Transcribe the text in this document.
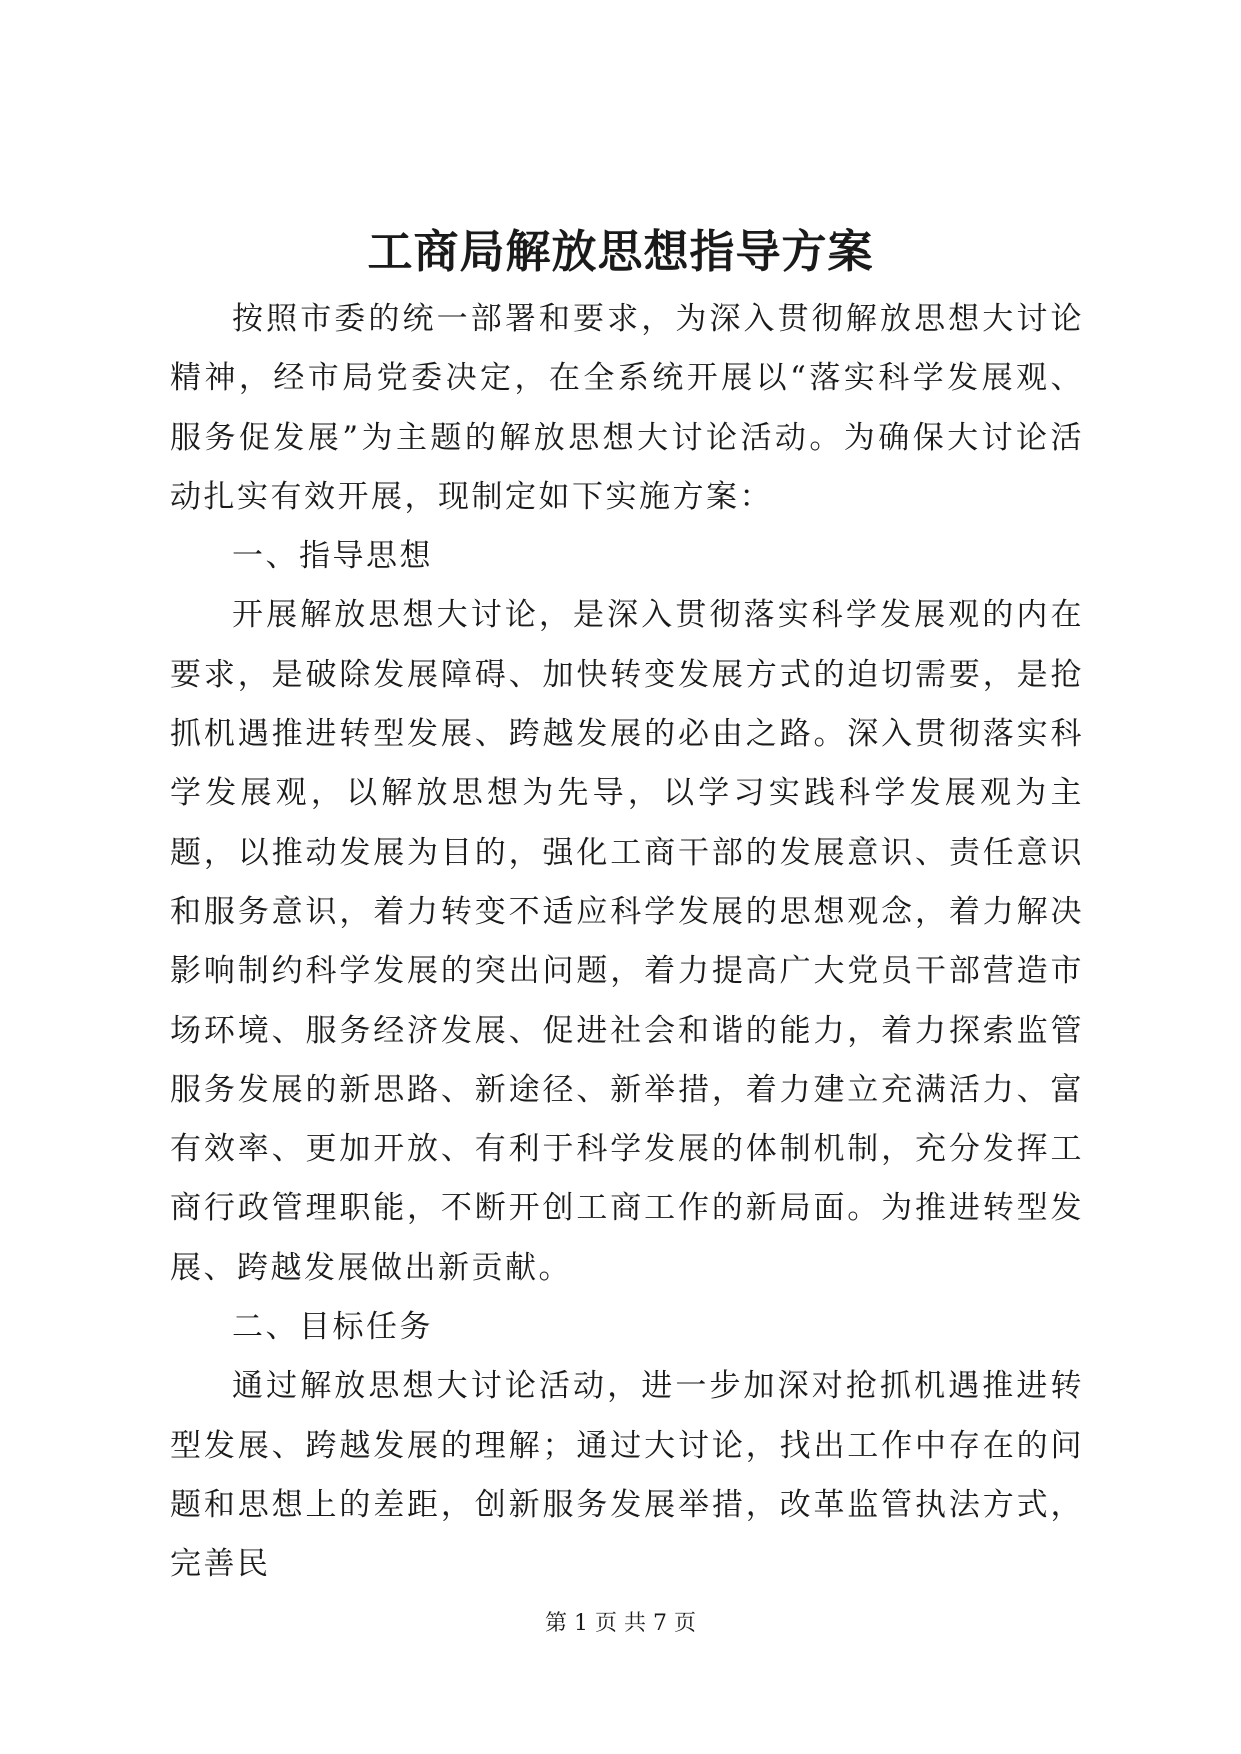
工商局解放思想指导方案

按照市委的统一部署和要求，为深入贯彻解放思想大讨论精神，经市局党委决定，在全系统开展以“落实科学发展观、服务促发展”为主题的解放思想大讨论活动。为确保大讨论活动扎实有效开展，现制定如下实施方案：

一、指导思想

开展解放思想大讨论，是深入贯彻落实科学发展观的内在要求，是破除发展障碍、加快转变发展方式的迫切需要，是抢抓机遇推进转型发展、跨越发展的必由之路。深入贯彻落实科学发展观，以解放思想为先导，以学习实践科学发展观为主题，以推动发展为目的，强化工商干部的发展意识、责任意识和服务意识，着力转变不适应科学发展的思想观念，着力解决影响制约科学发展的突出问题，着力提高广大党员干部营造市场环境、服务经济发展、促进社会和谐的能力，着力探索监管服务发展的新思路、新途径、新举措，着力建立充满活力、富有效率、更加开放、有利于科学发展的体制机制，充分发挥工商行政管理职能，不断开创工商工作的新局面。为推进转型发展、跨越发展做出新贡献。

二、目标任务

通过解放思想大讨论活动，进一步加深对抢抓机遇推进转型发展、跨越发展的理解；通过大讨论，找出工作中存在的问题和思想上的差距，创新服务发展举措，改革监管执法方式，完善民

第 1 页 共 7 页
